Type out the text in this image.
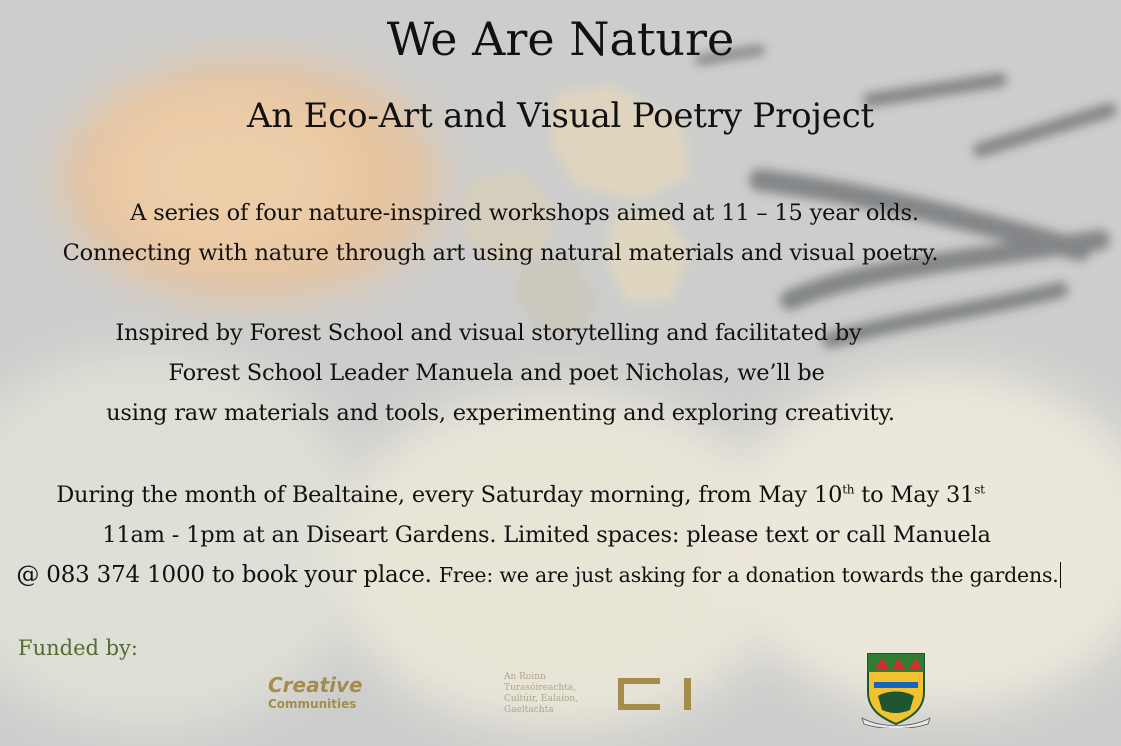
We Are Nature
An Eco-Art and Visual Poetry Project
A series of four nature-inspired workshops aimed at 11 – 15 year olds.
Connecting with nature through art using natural materials and visual poetry.
Inspired by Forest School and visual storytelling and facilitated by
Forest School Leader Manuela and poet Nicholas, we’ll be
using raw materials and tools, experimenting and exploring creativity.
During the month of Bealtaine, every Saturday morning, from May 10th to May 31st
11am - 1pm at an Diseart Gardens. Limited spaces: please text or call Manuela
@ 083 374 1000 to book your place. Free: we are just asking for a donation towards the gardens.
Funded by:
Creative
Communities
An Roinn Turasóireachta,
Cultúir, Ealaíon,
Gaeltachta
